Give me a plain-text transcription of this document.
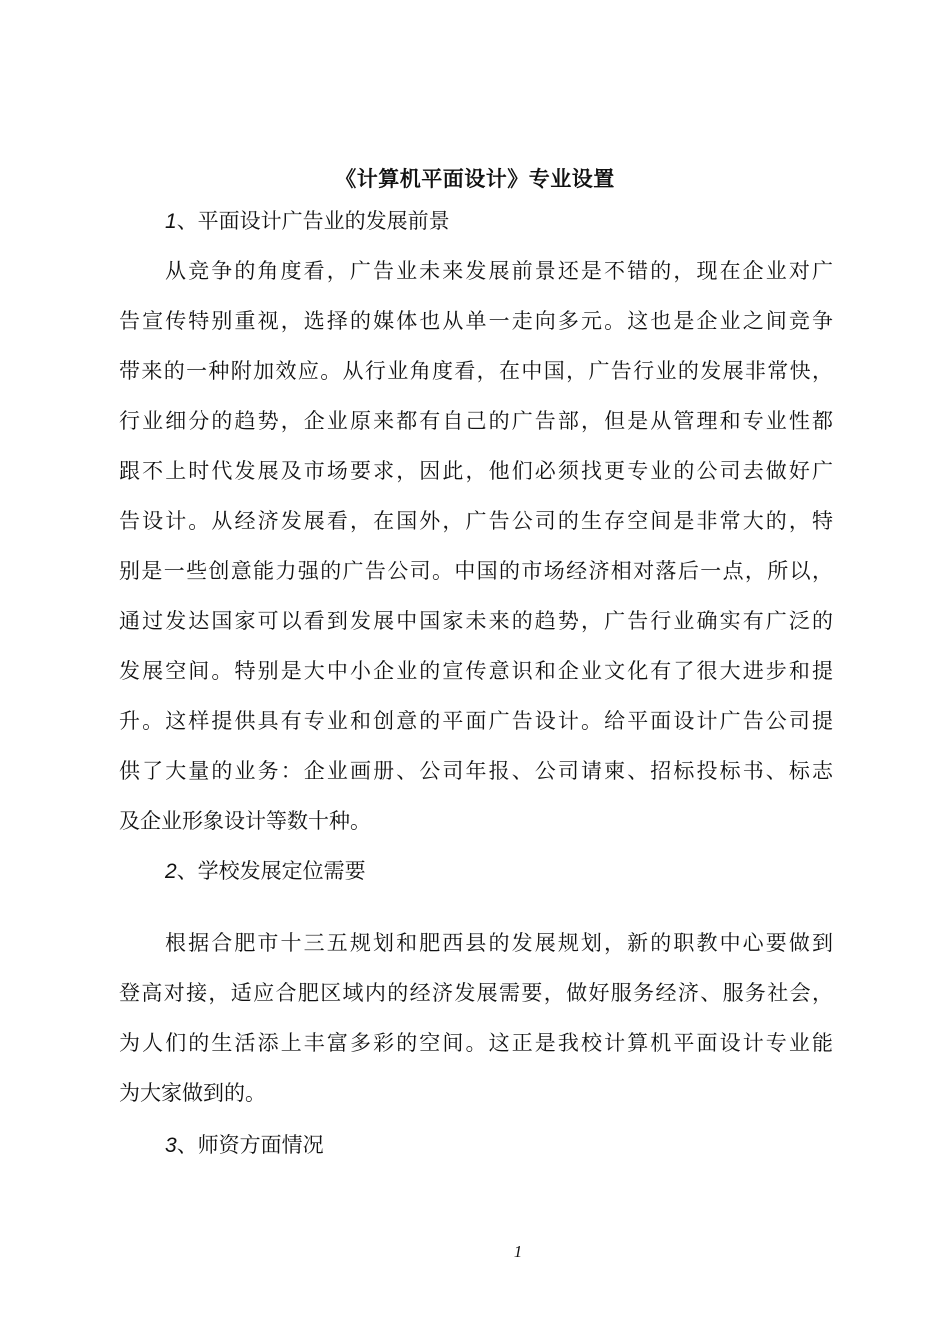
《计算机平面设计》专业设置
1、平面设计广告业的发展前景
从竞争的角度看，广告业未来发展前景还是不错的，现在企业对广
告宣传特别重视，选择的媒体也从单一走向多元。这也是企业之间竞争
带来的一种附加效应。从行业角度看，在中国，广告行业的发展非常快，
行业细分的趋势，企业原来都有自己的广告部，但是从管理和专业性都
跟不上时代发展及市场要求，因此，他们必须找更专业的公司去做好广
告设计。从经济发展看，在国外，广告公司的生存空间是非常大的，特
别是一些创意能力强的广告公司。中国的市场经济相对落后一点，所以，
通过发达国家可以看到发展中国家未来的趋势，广告行业确实有广泛的
发展空间。特别是大中小企业的宣传意识和企业文化有了很大进步和提
升。这样提供具有专业和创意的平面广告设计。给平面设计广告公司提
供了大量的业务：企业画册、公司年报、公司请柬、招标投标书、标志
及企业形象设计等数十种。
2、学校发展定位需要
根据合肥市十三五规划和肥西县的发展规划，新的职教中心要做到
登高对接，适应合肥区域内的经济发展需要，做好服务经济、服务社会，
为人们的生活添上丰富多彩的空间。这正是我校计算机平面设计专业能
为大家做到的。
3、师资方面情况
1
